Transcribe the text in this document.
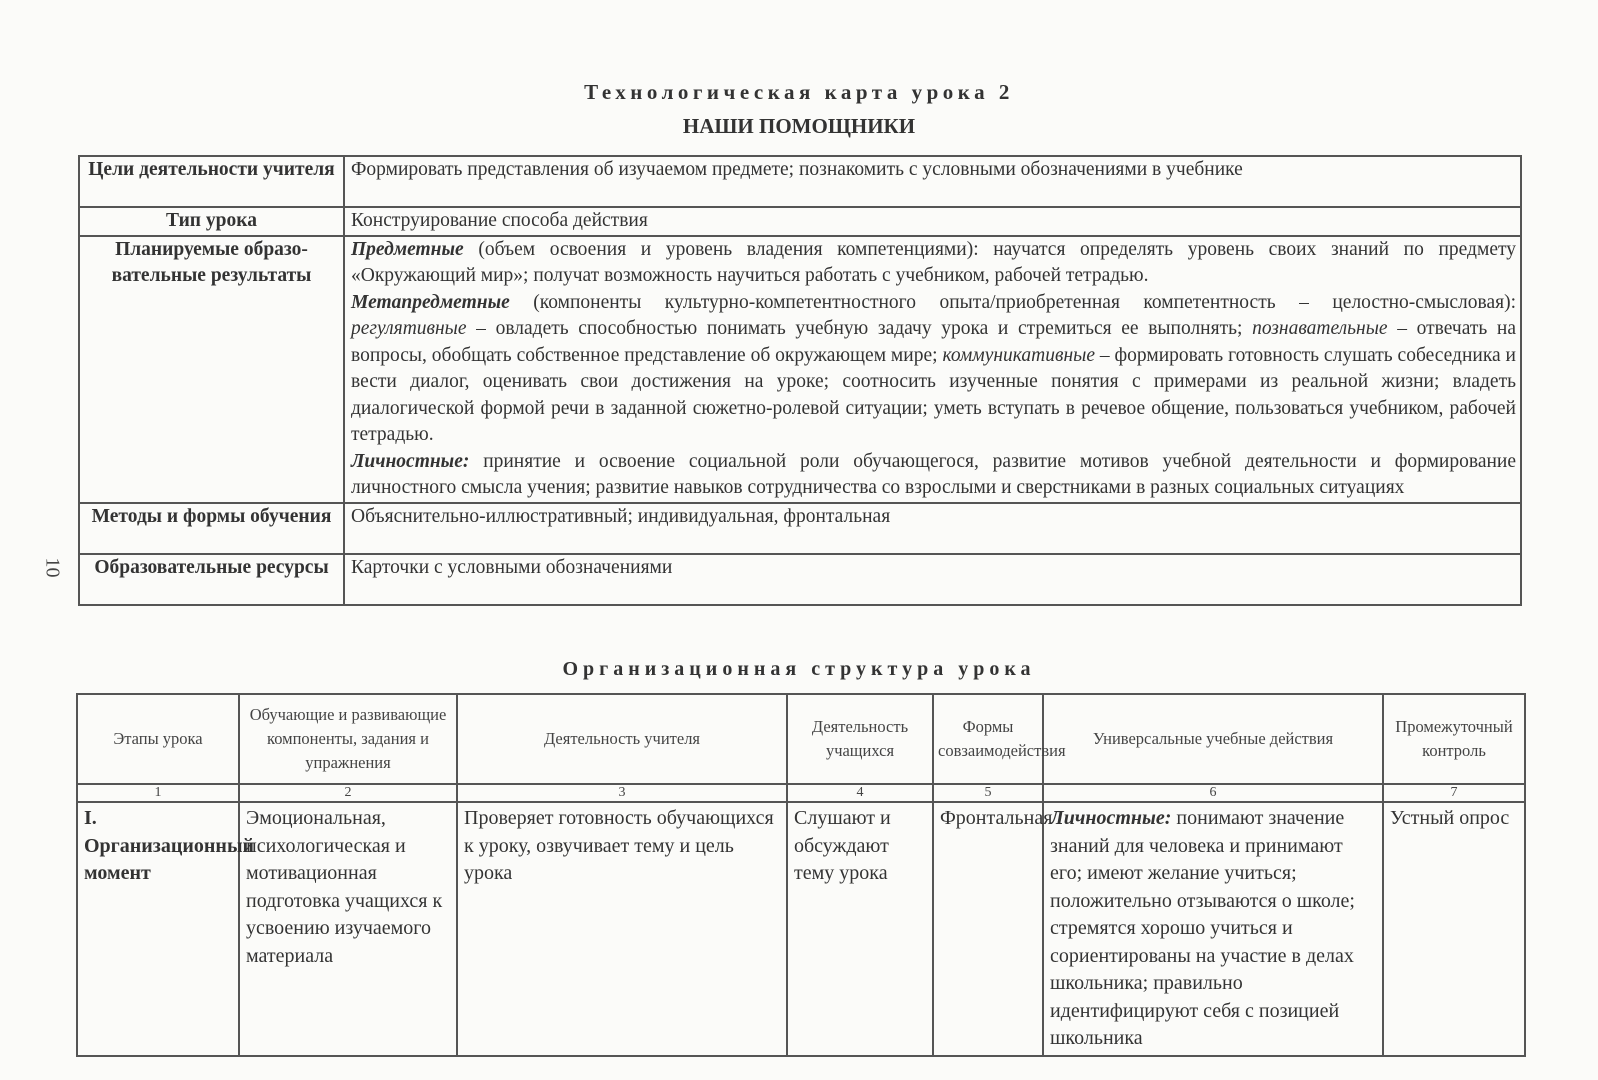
Технологическая карта урока 2
НАШИ ПОМОЩНИКИ
10
Цели деятельности учителя	Формировать представления об изучаемом предмете; познакомить с условными обозначениями в учебнике
Тип урока	Конструирование способа действия
Планируемые образо-вательные результаты	Предметные (объем освоения и уровень владения компетенциями): научатся определять уровень своих знаний по предмету «Окружающий мир»; получат возможность научиться работать с учебником, рабочей тетрадью.
Метапредметные (компоненты культурно-компетентностного опыта/приобретенная компетентность – целостно-смысловая): регулятивные – овладеть способностью понимать учебную задачу урока и стремиться ее выполнять; познавательные – отвечать на вопросы, обобщать собственное представление об окружающем мире; коммуникативные – формировать готовность слушать собеседника и вести диалог, оценивать свои достижения на уроке; соотносить изученные понятия с примерами из реальной жизни; владеть диалогической формой речи в заданной сюжетно-ролевой ситуации; уметь вступать в речевое общение, пользоваться учебником, рабочей тетрадью.
Личностные: принятие и освоение социальной роли обучающегося, развитие мотивов учебной деятельности и формирование личностного смысла учения; развитие навыков сотрудничества со взрослыми и сверстниками в разных социальных ситуациях
Методы и формы обучения	Объяснительно-иллюстративный; индивидуальная, фронтальная
Образовательные ресурсы	Карточки с условными обозначениями
Организационная структура урока
Этапы урока	Обучающие и развивающие компоненты, задания и упражнения	Деятельность учителя	Деятельность учащихся	Формы совзаимодействия	Универсальные учебные действия	Промежуточный контроль
1	2	3	4	5	6	7
I. Организационный момент	Эмоциональная, психологическая и мотивационная подготовка учащихся к усвоению изучаемого материала	Проверяет готовность обучающихся к уроку, озвучивает тему и цель урока	Слушают и обсуждают тему урока	Фронтальная	Личностные: понимают значение знаний для человека и принимают его; имеют желание учиться; положительно отзываются о школе; стремятся хорошо учиться и сориентированы на участие в делах школьника; правильно идентифицируют себя с позицией школьника	Устный опрос
